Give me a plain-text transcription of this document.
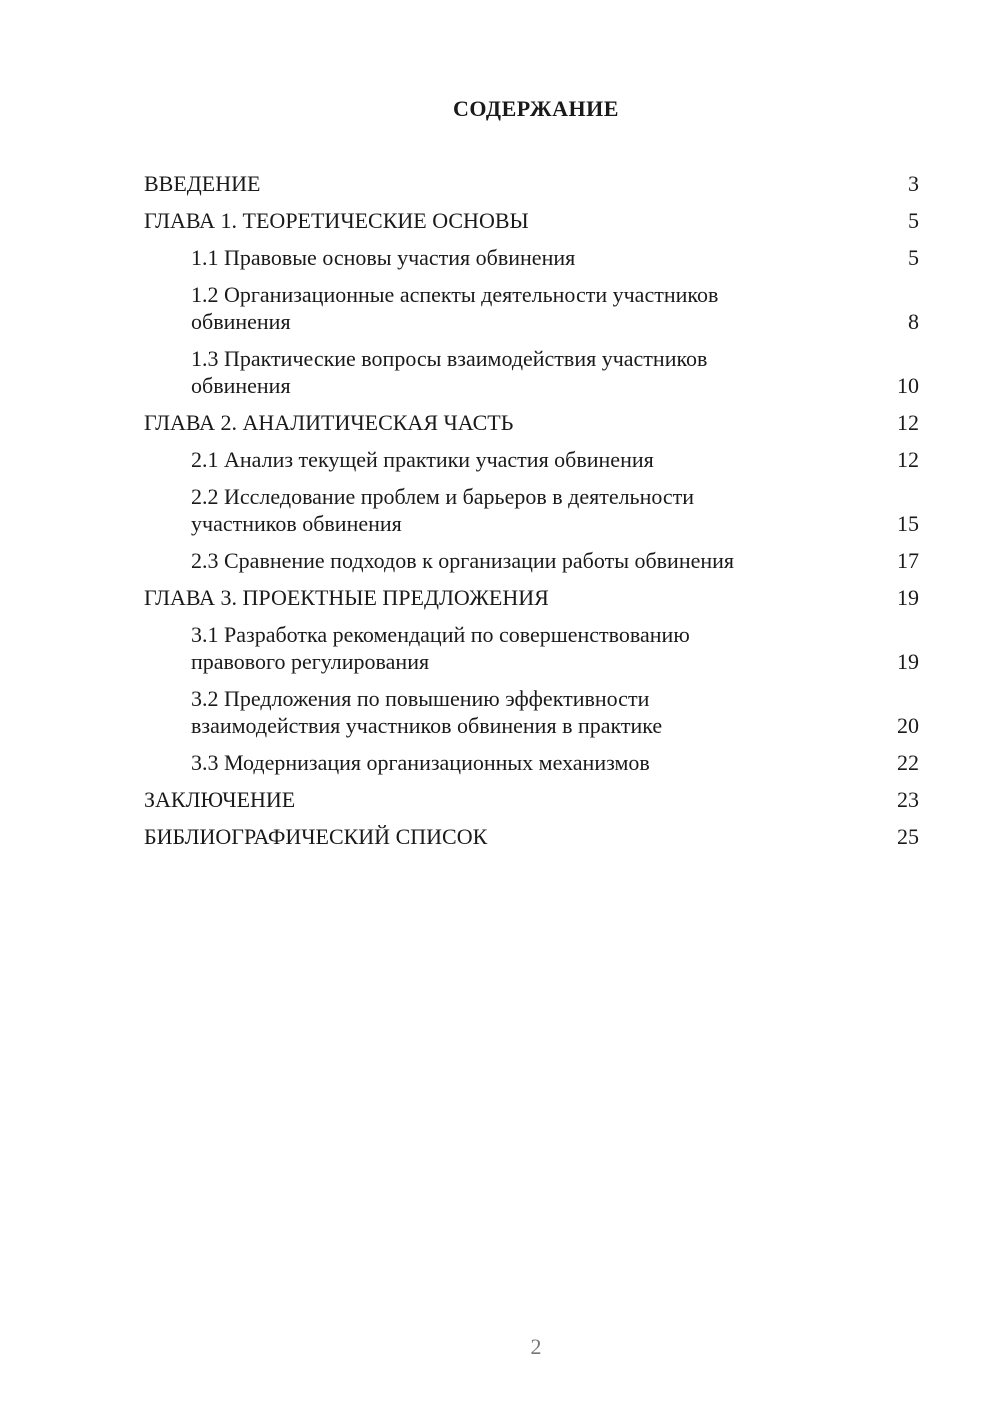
СОДЕРЖАНИЕ
ВВЕДЕНИЕ	3
ГЛАВА 1. ТЕОРЕТИЧЕСКИЕ ОСНОВЫ	5
1.1 Правовые основы участия обвинения	5
1.2 Организационные аспекты деятельности участников
обвинения	8
1.3 Практические вопросы взаимодействия участников
обвинения	10
ГЛАВА 2. АНАЛИТИЧЕСКАЯ ЧАСТЬ	12
2.1 Анализ текущей практики участия обвинения	12
2.2 Исследование проблем и барьеров в деятельности
участников обвинения	15
2.3 Сравнение подходов к организации работы обвинения	17
ГЛАВА 3. ПРОЕКТНЫЕ ПРЕДЛОЖЕНИЯ	19
3.1 Разработка рекомендаций по совершенствованию
правового регулирования	19
3.2 Предложения по повышению эффективности
взаимодействия участников обвинения в практике	20
3.3 Модернизация организационных механизмов	22
ЗАКЛЮЧЕНИЕ	23
БИБЛИОГРАФИЧЕСКИЙ СПИСОК	25
2
